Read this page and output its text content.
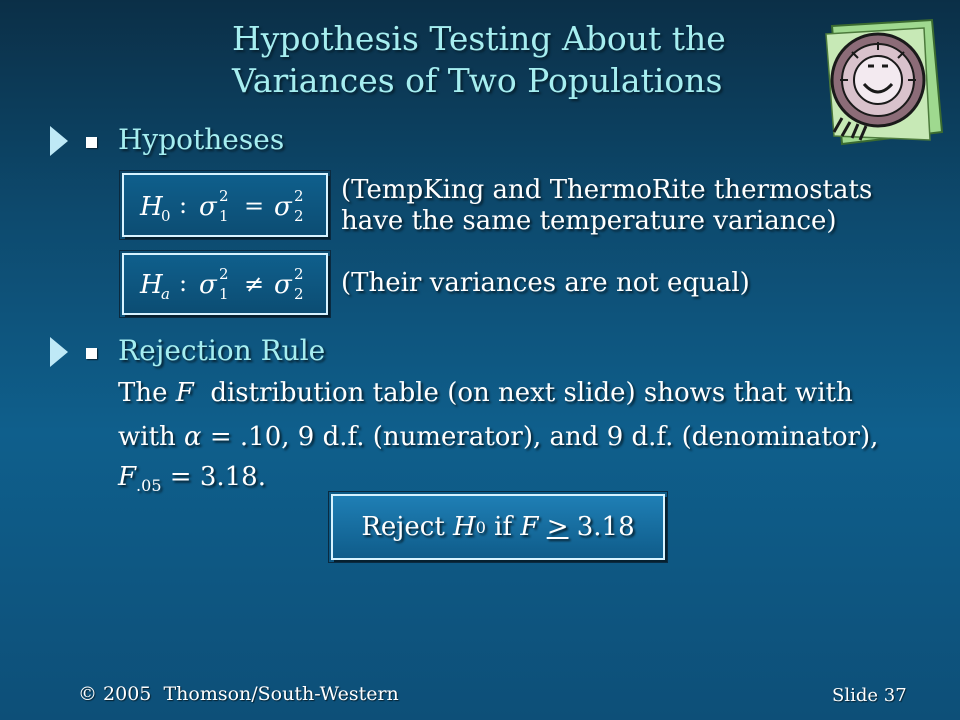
Hypothesis Testing About the
Variances of Two Populations
Hypotheses
H
0 : σ 2
1 = σ 2
2
(TempKing and ThermoRite thermostats
have the same temperature variance)
H
a : σ 2
1 ≠ σ 2
2 (Their variances are not equal)
Rejection Rule
The F  distribution table (on next slide) shows that with
with α = .10, 9 d.f. (numerator), and 9 d.f. (denominator),
$F_{.05} = 3.18$.
Reject H 0 if F
≥ 3.18
© 2005  Thomson/South-Western	Slide 37
